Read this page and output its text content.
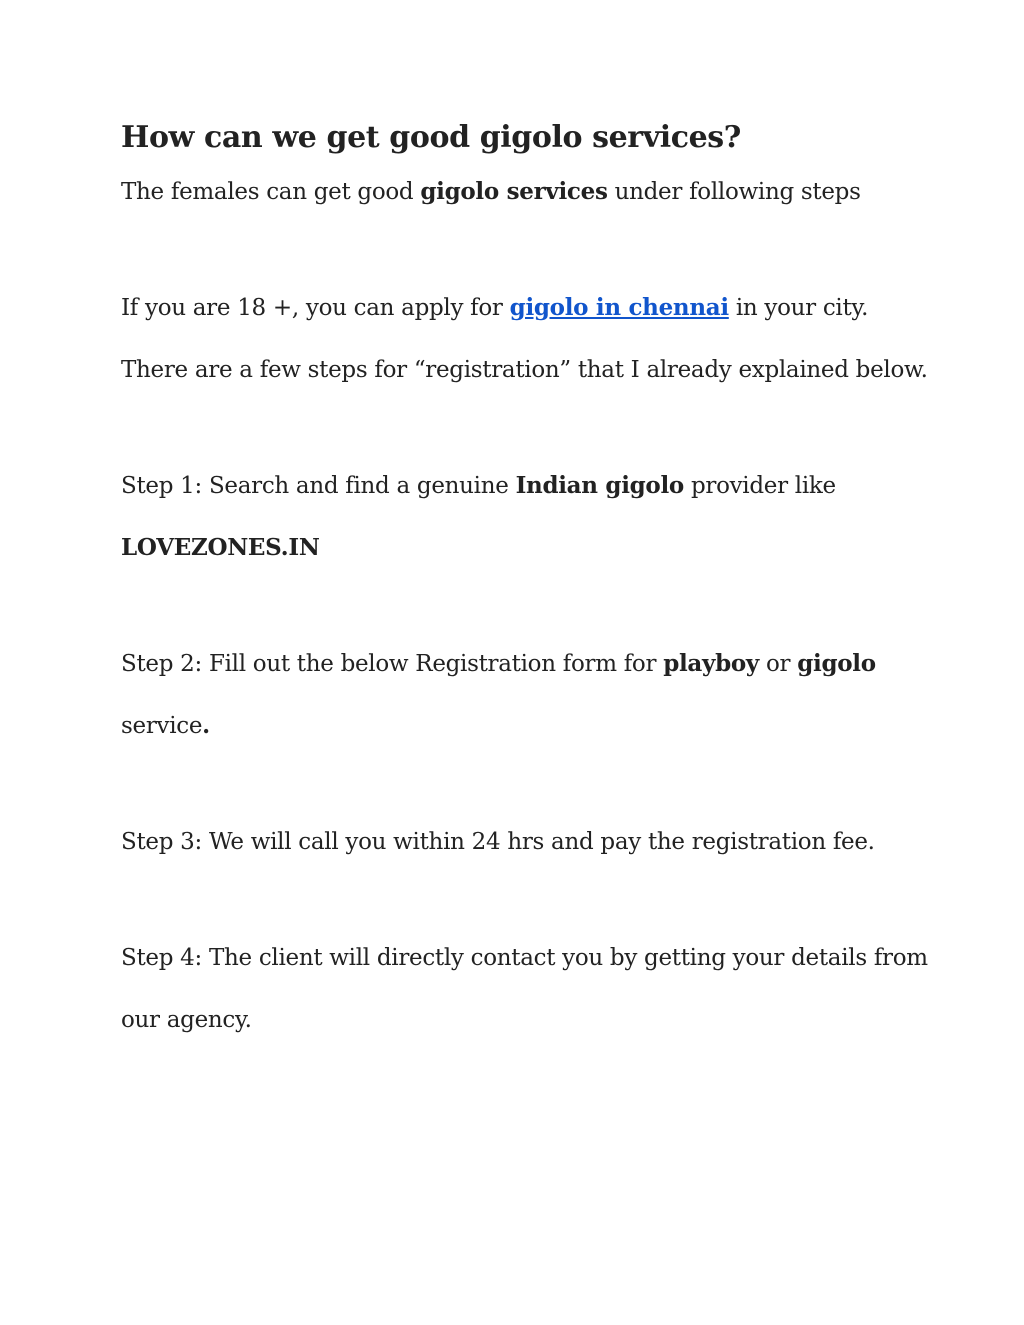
How can we get good gigolo services?
The females can get good gigolo services under following steps
If you are 18 +, you can apply for gigolo in chennai in your city.
There are a few steps for “registration” that I already explained below.
Step 1: Search and find a genuine Indian gigolo provider like
LOVEZONES.IN
Step 2: Fill out the below Registration form for playboy or gigolo
service.
Step 3: We will call you within 24 hrs and pay the registration fee.
Step 4: The client will directly contact you by getting your details from
our agency.
